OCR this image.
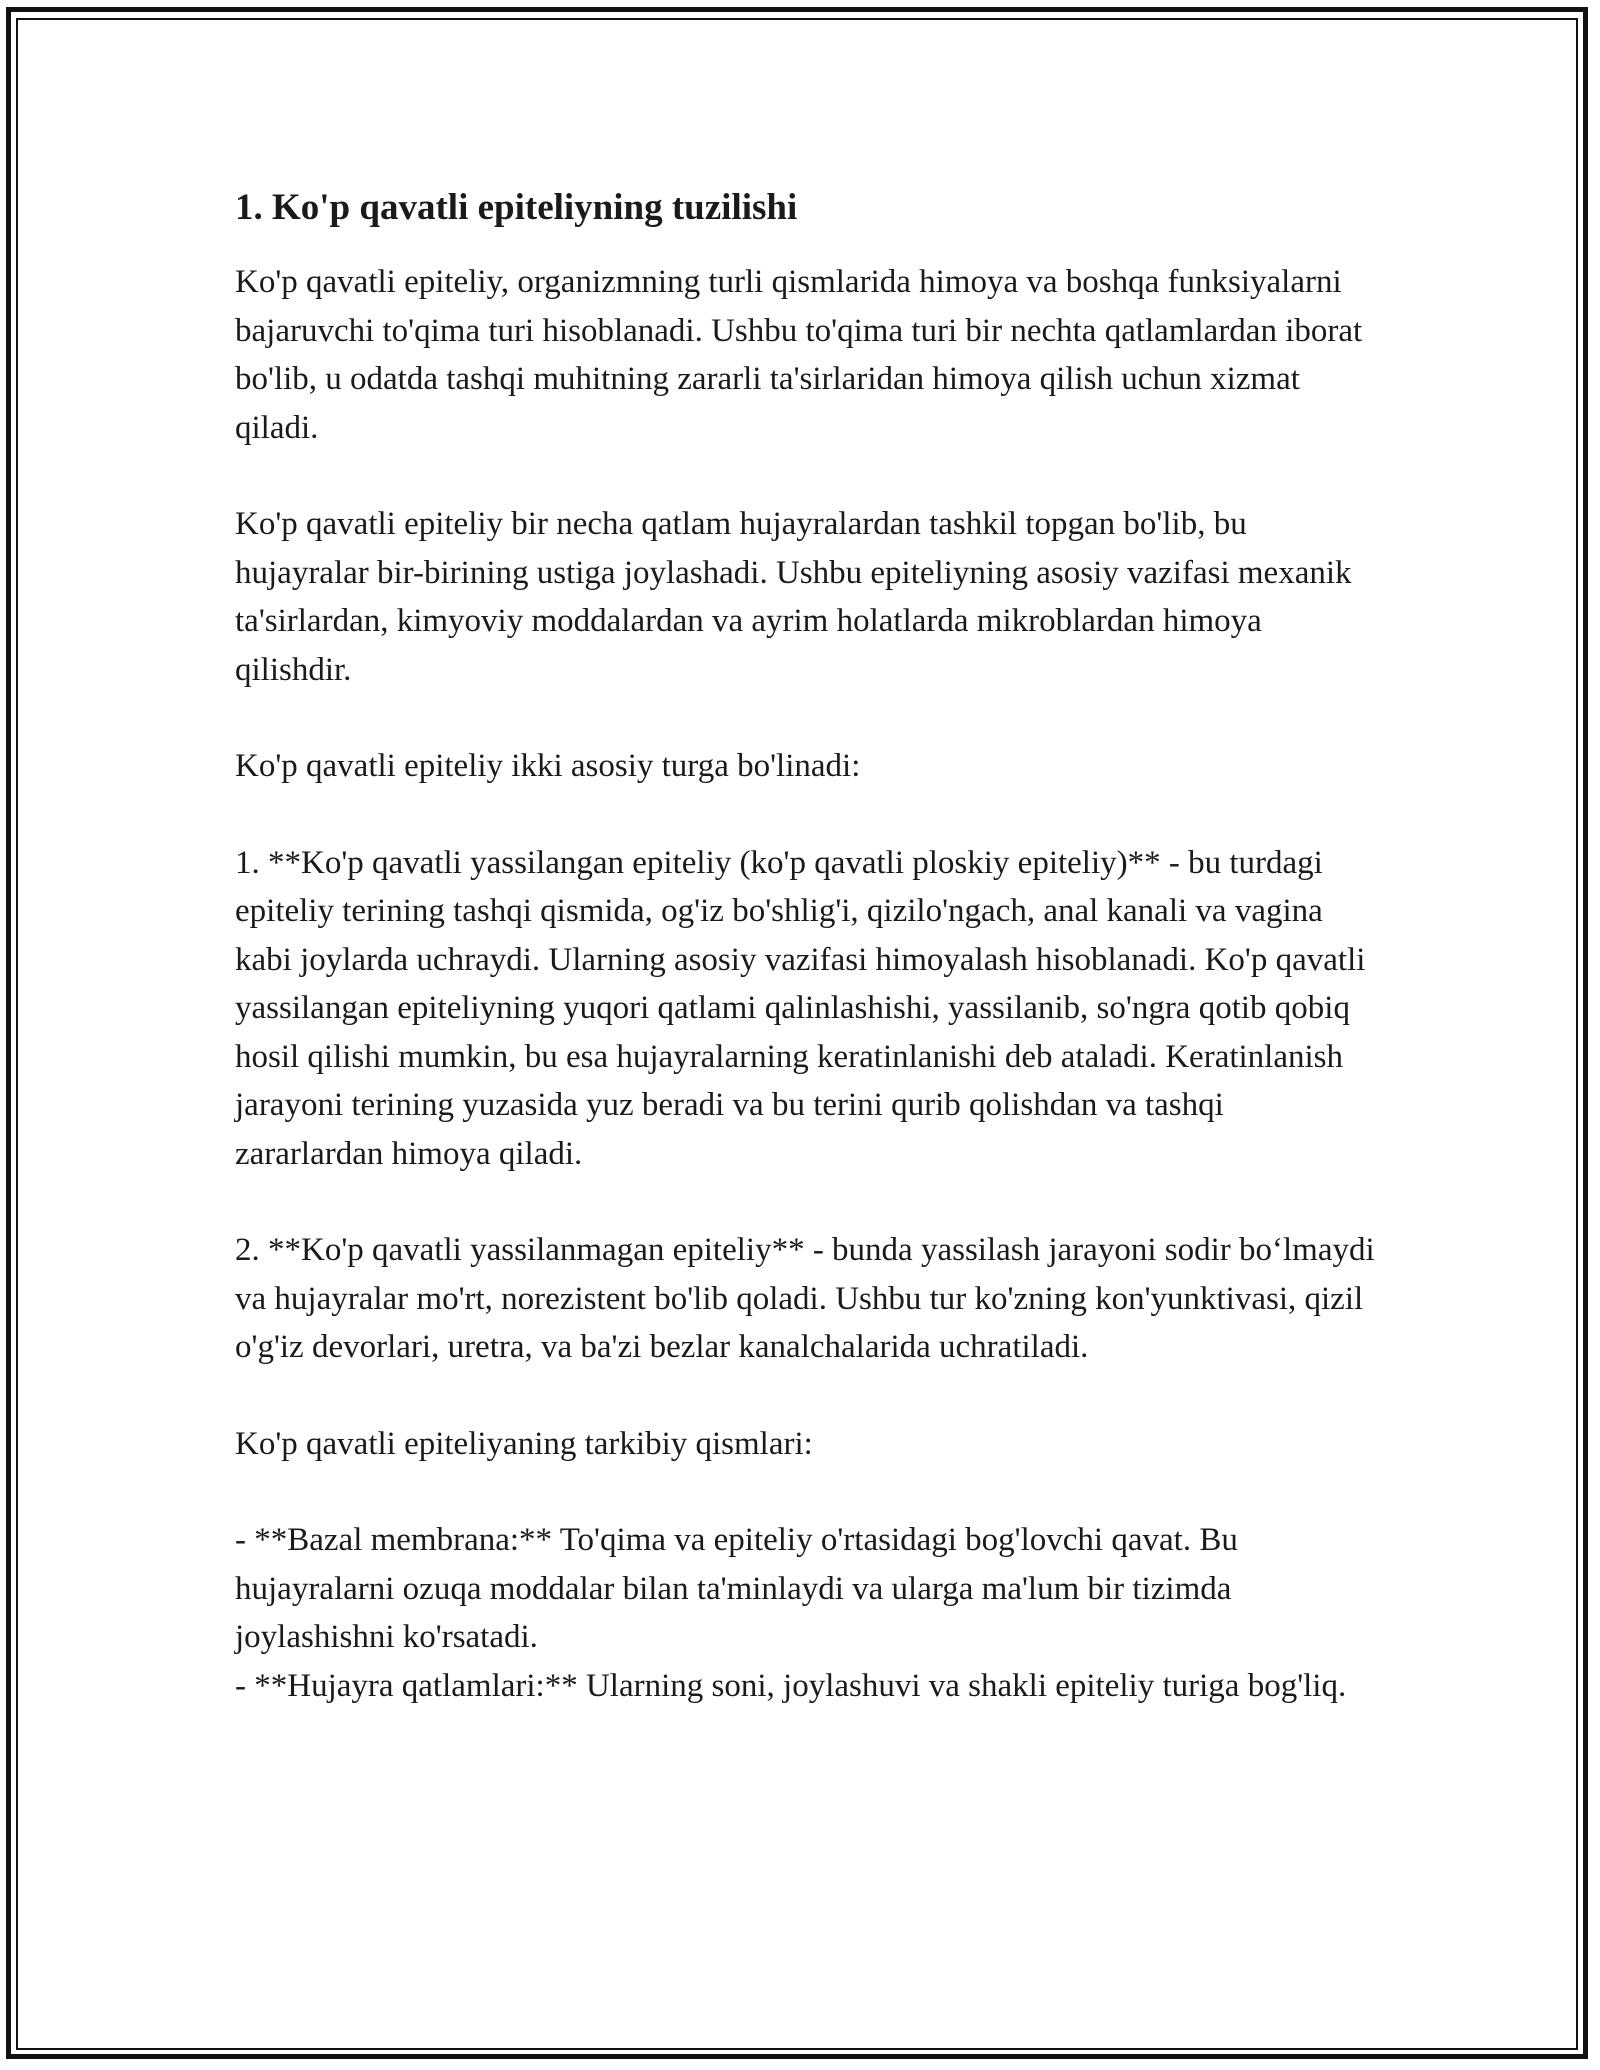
1. Ko'p qavatli epiteliyning tuzilishi

Ko'p qavatli epiteliy, organizmning turli qismlarida himoya va boshqa funksiyalarni bajaruvchi to'qima turi hisoblanadi. Ushbu to'qima turi bir nechta qatlamlardan iborat bo'lib, u odatda tashqi muhitning zararli ta'sirlaridan himoya qilish uchun xizmat qiladi.

Ko'p qavatli epiteliy bir necha qatlam hujayralardan tashkil topgan bo'lib, bu hujayralar bir-birining ustiga joylashadi. Ushbu epiteliyning asosiy vazifasi mexanik ta'sirlardan, kimyoviy moddalardan va ayrim holatlarda mikroblardan himoya qilishdir.

Ko'p qavatli epiteliy ikki asosiy turga bo'linadi:

1. **Ko'p qavatli yassilangan epiteliy (ko'p qavatli ploskiy epiteliy)** - bu turdagi epiteliy terining tashqi qismida, og'iz bo'shlig'i, qizilo'ngach, anal kanali va vagina kabi joylarda uchraydi. Ularning asosiy vazifasi himoyalash hisoblanadi. Ko'p qavatli yassilangan epiteliyning yuqori qatlami qalinlashishi, yassilanib, so'ngra qotib qobiq hosil qilishi mumkin, bu esa hujayralarning keratinlanishi deb ataladi. Keratinlanish jarayoni terining yuzasida yuz beradi va bu terini qurib qolishdan va tashqi zararlardan himoya qiladi.

2. **Ko'p qavatli yassilanmagan epiteliy** - bunda yassilash jarayoni sodir bo‘lmaydi va hujayralar mo'rt, norezistent bo'lib qoladi. Ushbu tur ko'zning kon'yunktivasi, qizil o'g'iz devorlari, uretra, va ba'zi bezlar kanalchalarida uchratiladi.

Ko'p qavatli epiteliyaning tarkibiy qismlari:

- **Bazal membrana:** To'qima va epiteliy o'rtasidagi bog'lovchi qavat. Bu hujayralarni ozuqa moddalar bilan ta'minlaydi va ularga ma'lum bir tizimda joylashishni ko'rsatadi.

- **Hujayra qatlamlari:** Ularning soni, joylashuvi va shakli epiteliy turiga bog'liq.
